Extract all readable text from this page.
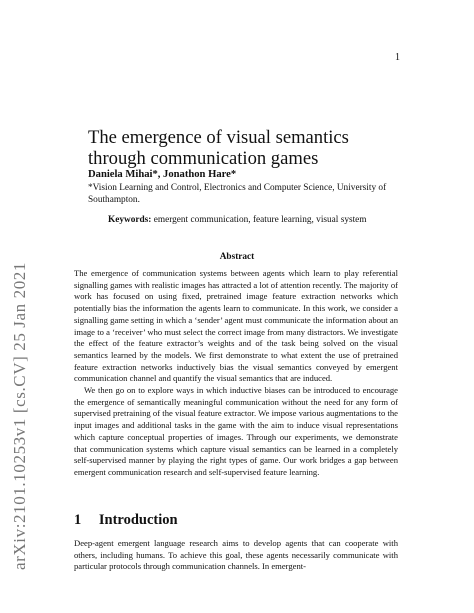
1
arXiv:2101.10253v1 [cs.CV] 25 Jan 2021
The emergence of visual semantics through communication games
Daniela Mihai*, Jonathon Hare*
*Vision Learning and Control, Electronics and Computer Science, University of Southampton.
Keywords: emergent communication, feature learning, visual system
Abstract

The emergence of communication systems between agents which learn to play referential signalling games with realistic images has attracted a lot of attention recently. The majority of work has focused on using fixed, pretrained image feature extraction networks which potentially bias the information the agents learn to communicate. In this work, we consider a signalling game setting in which a ‘sender’ agent must communicate the information about an image to a ‘receiver’ who must select the correct image from many distractors. We investigate the effect of the feature extractor’s weights and of the task being solved on the visual semantics learned by the models. We first demonstrate to what extent the use of pretrained feature extraction networks inductively bias the visual semantics conveyed by emergent communication channel and quantify the visual semantics that are induced.

We then go on to explore ways in which inductive biases can be introduced to encourage the emergence of semantically meaningful communication without the need for any form of supervised pretraining of the visual feature extractor. We impose various augmentations to the input images and additional tasks in the game with the aim to induce visual representations which capture conceptual properties of images. Through our experiments, we demonstrate that communication systems which capture visual semantics can be learned in a completely self-supervised manner by playing the right types of game. Our work bridges a gap between emergent communication research and self-supervised feature learning.

1 Introduction

Deep-agent emergent language research aims to develop agents that can cooperate with others, including humans. To achieve this goal, these agents necessarily communicate with particular protocols through communication channels. In emergent-
